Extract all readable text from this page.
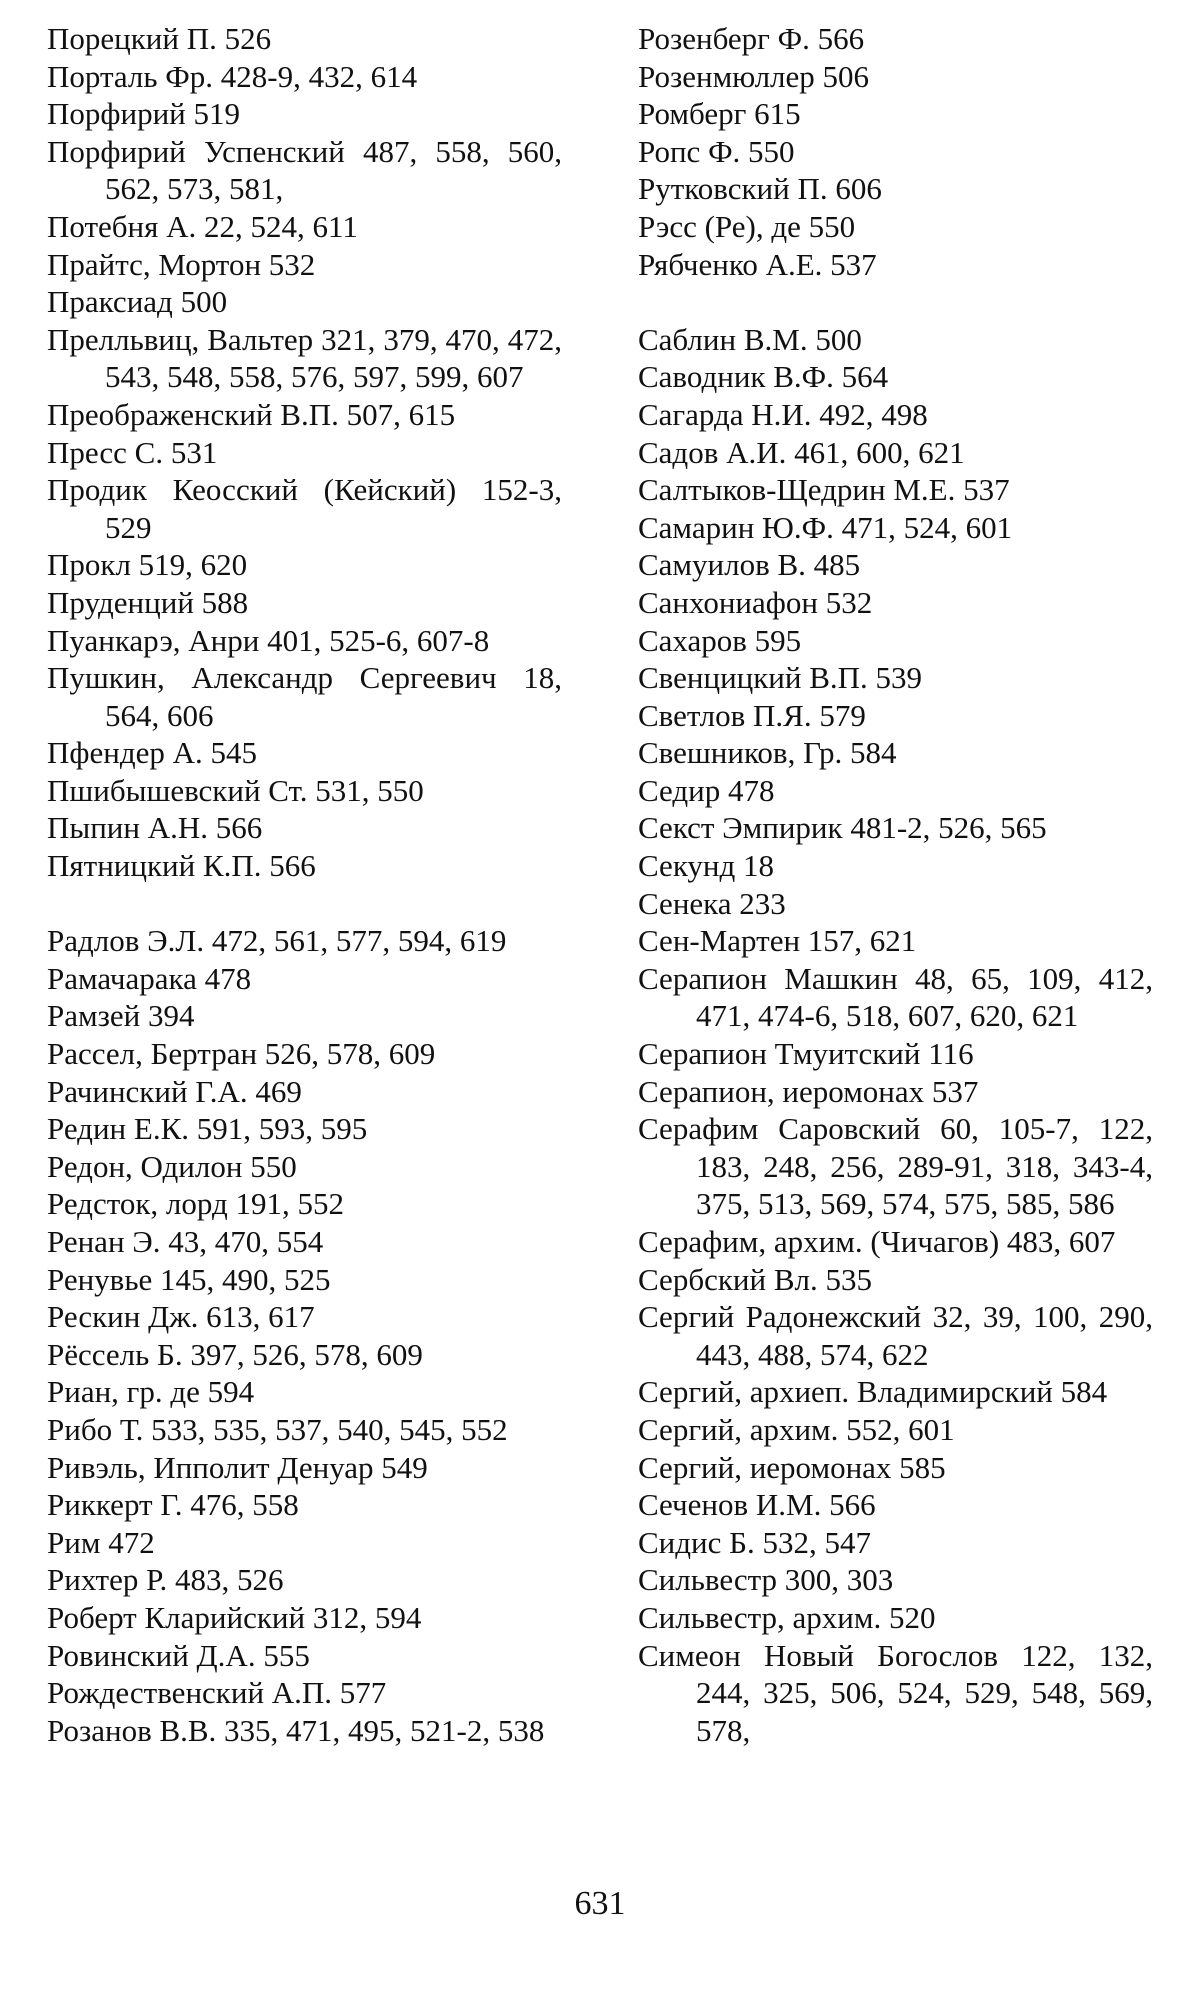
Порецкий П. 526
Порталь Фр. 428-9, 432, 614
Порфирий 519
Порфирий Успенский 487, 558, 560, 562, 573, 581,
Потебня А. 22, 524, 611
Прайтс, Мортон 532
Праксиад 500
Прелльвиц, Вальтер 321, 379, 470, 472, 543, 548, 558, 576, 597, 599, 607
Преображенский В.П. 507, 615
Пресс С. 531
Продик Кеосский (Кейский) 152-3, 529
Прокл 519, 620
Пруденций 588
Пуанкарэ, Анри 401, 525-6, 607-8
Пушкин, Александр Сергеевич 18, 564, 606
Пфендер А. 545
Пшибышевский Ст. 531, 550
Пыпин А.Н. 566
Пятницкий К.П. 566
Радлов Э.Л. 472, 561, 577, 594, 619
Рамачарака 478
Рамзей 394
Рассел, Бертран 526, 578, 609
Рачинский Г.А. 469
Редин Е.К. 591, 593, 595
Редон, Одилон 550
Редсток, лорд 191, 552
Ренан Э. 43, 470, 554
Ренувье 145, 490, 525
Рескин Дж. 613, 617
Рёссель Б. 397, 526, 578, 609
Риан, гр. де 594
Рибо Т. 533, 535, 537, 540, 545, 552
Ривэль, Ипполит Денуар 549
Риккерт Г. 476, 558
Рим 472
Рихтер Р. 483, 526
Роберт Кларийский 312, 594
Ровинский Д.А. 555
Рождественский А.П. 577
Розанов В.В. 335, 471, 495, 521-2, 538
Розенберг Ф. 566
Розенмюллер 506
Ромберг 615
Ропс Ф. 550
Рутковский П. 606
Рэсс (Ре), де 550
Рябченко А.Е. 537
Саблин В.М. 500
Саводник В.Ф. 564
Сагарда Н.И. 492, 498
Садов А.И. 461, 600, 621
Салтыков-Щедрин М.Е. 537
Самарин Ю.Ф. 471, 524, 601
Самуилов В. 485
Санхониафон 532
Сахаров 595
Свенцицкий В.П. 539
Светлов П.Я. 579
Свешников, Гр. 584
Седир 478
Секст Эмпирик 481-2, 526, 565
Секунд 18
Сенека 233
Сен-Мартен 157, 621
Серапион Машкин 48, 65, 109, 412, 471, 474-6, 518, 607, 620, 621
Серапион Тмуитский 116
Серапион, иеромонах 537
Серафим Саровский 60, 105-7, 122, 183, 248, 256, 289-91, 318, 343-4, 375, 513, 569, 574, 575, 585, 586
Серафим, архим. (Чичагов) 483, 607
Сербский Вл. 535
Сергий Радонежский 32, 39, 100, 290, 443, 488, 574, 622
Сергий, архиеп. Владимирский 584
Сергий, архим. 552, 601
Сергий, иеромонах 585
Сеченов И.М. 566
Сидис Б. 532, 547
Сильвестр 300, 303
Сильвестр, архим. 520
Симеон Новый Богослов 122, 132, 244, 325, 506, 524, 529, 548, 569, 578,
631
